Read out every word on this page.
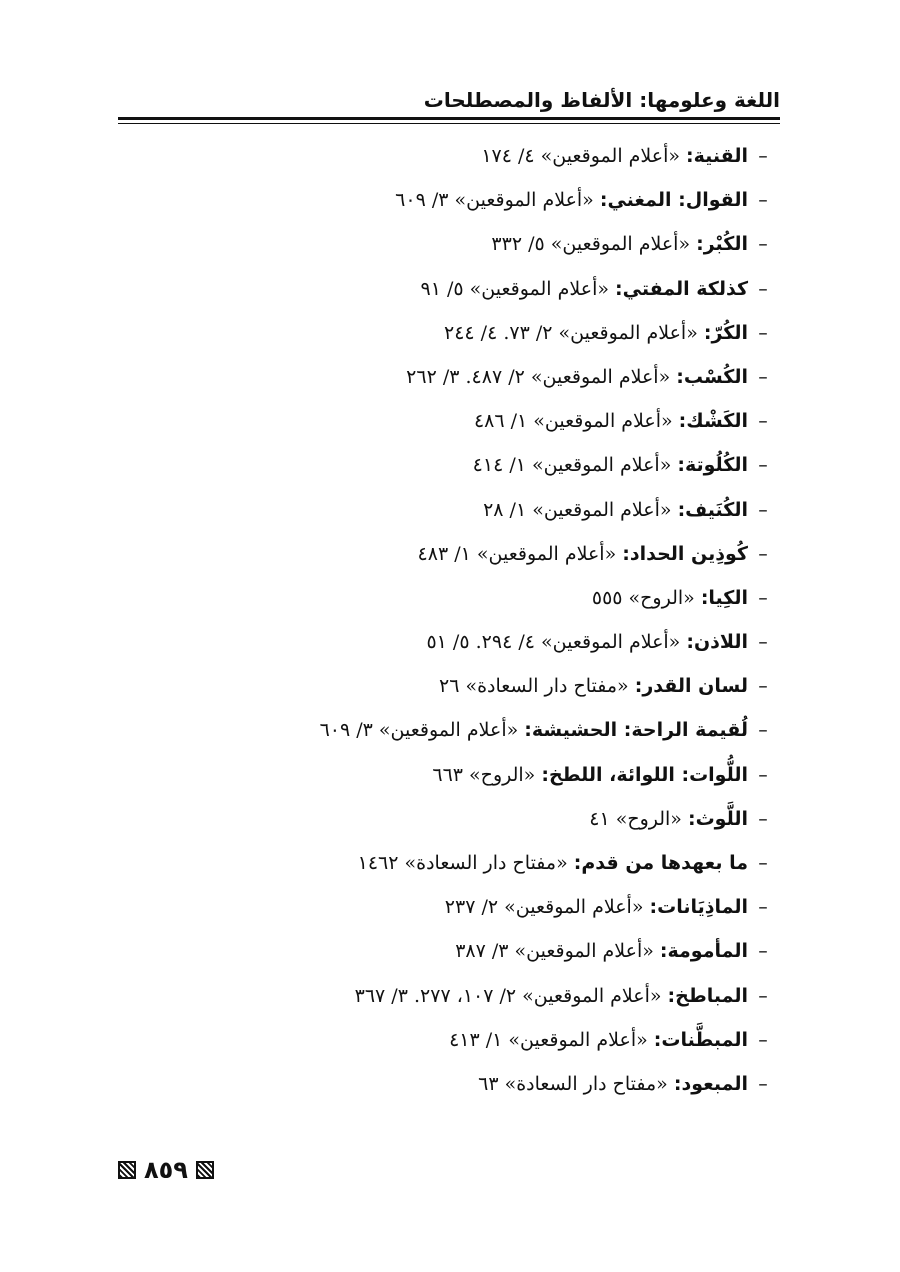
اللغة وعلومها: الألفاظ والمصطلحات
–القنية: «أعلام الموقعين» ٤/ ١٧٤
–القوال: المغني: «أعلام الموقعين» ٣/ ٦٠٩
–الكُبْر: «أعلام الموقعين» ٥/ ٣٣٢
–كذلكة المفتي: «أعلام الموقعين» ٥/ ٩١
–الكُرّ: «أعلام الموقعين» ٢/ ٧٣. ٤/ ٢٤٤
–الكُسْب: «أعلام الموقعين» ٢/ ٤٨٧. ٣/ ٢٦٢
–الكَشْك: «أعلام الموقعين» ١/ ٤٨٦
–الكُلُوتة: «أعلام الموقعين» ١/ ٤١٤
–الكُنَيف: «أعلام الموقعين» ١/ ٢٨
–كُوذِين الحداد: «أعلام الموقعين» ١/ ٤٨٣
–الكِيا: «الروح» ٥٥٥
–اللاذن: «أعلام الموقعين» ٤/ ٢٩٤. ٥/ ٥١
–لسان القدر: «مفتاح دار السعادة» ٢٦
–لُقيمة الراحة: الحشيشة: «أعلام الموقعين» ٣/ ٦٠٩
–اللُّوات: اللوائة، اللطخ: «الروح» ٦٦٣
–اللَّوث: «الروح» ٤١
–ما بعهدها من قدم: «مفتاح دار السعادة» ١٤٦٢
–الماذِيَانات: «أعلام الموقعين» ٢/ ٢٣٧
–المأمومة: «أعلام الموقعين» ٣/ ٣٨٧
–المباطخ: «أعلام الموقعين» ٢/ ١٠٧، ٢٧٧. ٣/ ٣٦٧
–المبطَّنات: «أعلام الموقعين» ١/ ٤١٣
–المبعود: «مفتاح دار السعادة» ٦٣
٨٥٩
